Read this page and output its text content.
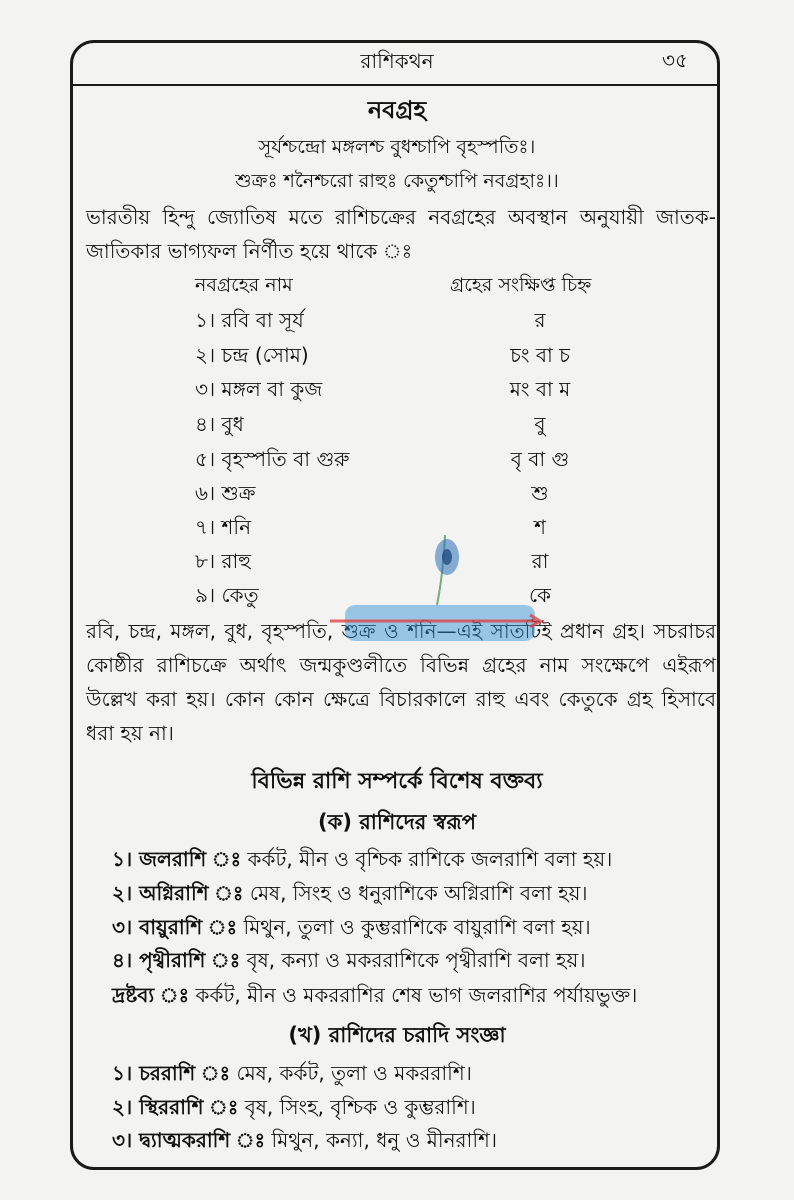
রাশিকথন	৩৫
নবগ্রহ
সূর্যশ্চন্দ্রো মঙ্গলশ্চ বুধশ্চাপি বৃহস্পতিঃ।
শুক্রঃ শনৈশ্চরো রাহুঃ কেতুশ্চাপি নবগ্রহাঃ।।
ভারতীয় হিন্দু জ্যোতিষ মতে রাশিচক্রের নবগ্রহের অবস্থান অনুযায়ী জাতক-জাতিকার ভাগ্যফল নির্ণীত হয়ে থাকে ঃ
নবগ্রহের নাম	গ্রহের সংক্ষিপ্ত চিহ্ন
১। রবি বা সূর্য	র
২। চন্দ্র (সোম)	চং বা চ
৩। মঙ্গল বা কুজ	মং বা ম
৪। বুধ	বু
৫। বৃহস্পতি বা গুরু	বৃ বা গু
৬। শুক্র	শু
৭। শনি	শ
৮। রাহু	রা
৯। কেতু	কে
রবি, চন্দ্র, মঙ্গল, বুধ, বৃহস্পতি, শুক্র ও শনি—এই সাতটিই প্রধান গ্রহ। সচরাচর কোষ্ঠীর রাশিচক্রে অর্থাৎ জন্মকুণ্ডলীতে বিভিন্ন গ্রহের নাম সংক্ষেপে এইরূপ উল্লেখ করা হয়। কোন কোন ক্ষেত্রে বিচারকালে রাহু এবং কেতুকে গ্রহ হিসাবে ধরা হয় না।
বিভিন্ন রাশি সম্পর্কে বিশেষ বক্তব্য
(ক) রাশিদের স্বরূপ
১। জলরাশি ঃ কর্কট, মীন ও বৃশ্চিক রাশিকে জলরাশি বলা হয়।
২। অগ্নিরাশি ঃ মেষ, সিংহ ও ধনুরাশিকে অগ্নিরাশি বলা হয়।
৩। বায়ুরাশি ঃ মিথুন, তুলা ও কুম্ভরাশিকে বায়ুরাশি বলা হয়।
৪। পৃথ্বীরাশি ঃ বৃষ, কন্যা ও মকররাশিকে পৃথ্বীরাশি বলা হয়।
দ্রষ্টব্য ঃ কর্কট, মীন ও মকররাশির শেষ ভাগ জলরাশির পর্যায়ভুক্ত।
(খ) রাশিদের চরাদি সংজ্ঞা
১। চররাশি ঃ মেষ, কর্কট, তুলা ও মকররাশি।
২। স্থিররাশি ঃ বৃষ, সিংহ, বৃশ্চিক ও কুম্ভরাশি।
৩। দ্ব্যাত্মকরাশি ঃ মিথুন, কন্যা, ধনু ও মীনরাশি।
